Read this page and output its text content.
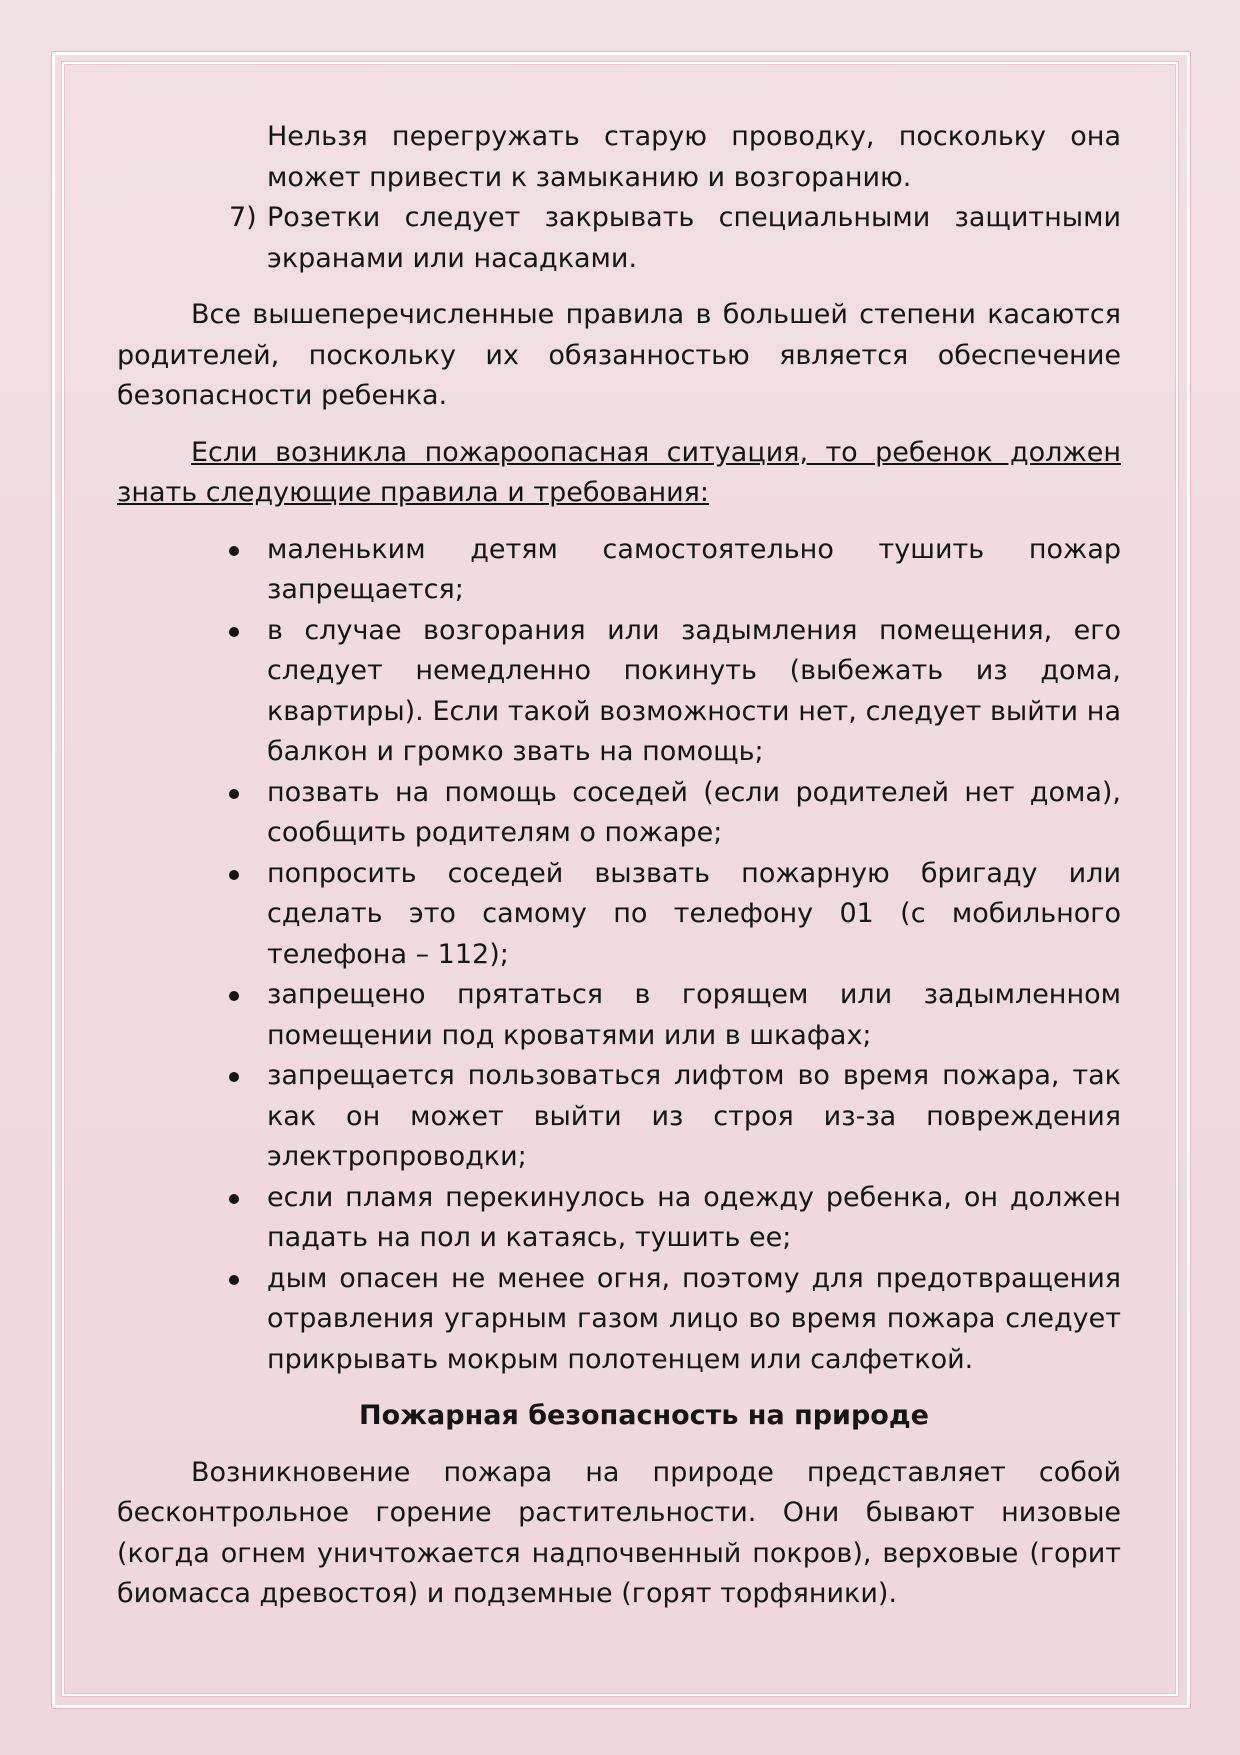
Нельзя перегружать старую проводку, поскольку она может привести к замыканию и возгоранию.
7) Розетки следует закрывать специальными защитными экранами или насадками.
Все вышеперечисленные правила в большей степени касаются родителей, поскольку их обязанностью является обеспечение безопасности ребенка.
Если возникла пожароопасная ситуация, то ребенок должен знать следующие правила и требования:
маленьким детям самостоятельно тушить пожар запрещается;
в случае возгорания или задымления помещения, его следует немедленно покинуть (выбежать из дома, квартиры). Если такой возможности нет, следует выйти на балкон и громко звать на помощь;
позвать на помощь соседей (если родителей нет дома), сообщить родителям о пожаре;
попросить соседей вызвать пожарную бригаду или сделать это самому по телефону 01 (с мобильного телефона – 112);
запрещено прятаться в горящем или задымленном помещении под кроватями или в шкафах;
запрещается пользоваться лифтом во время пожара, так как он может выйти из строя из-за повреждения электропроводки;
если пламя перекинулось на одежду ребенка, он должен падать на пол и катаясь, тушить ее;
дым опасен не менее огня, поэтому для предотвращения отравления угарным газом лицо во время пожара следует прикрывать мокрым полотенцем или салфеткой.
Пожарная безопасность на природе
Возникновение пожара на природе представляет собой бесконтрольное горение растительности. Они бывают низовые (когда огнем уничтожается надпочвенный покров), верховые (горит биомасса древостоя) и подземные (горят торфяники).
